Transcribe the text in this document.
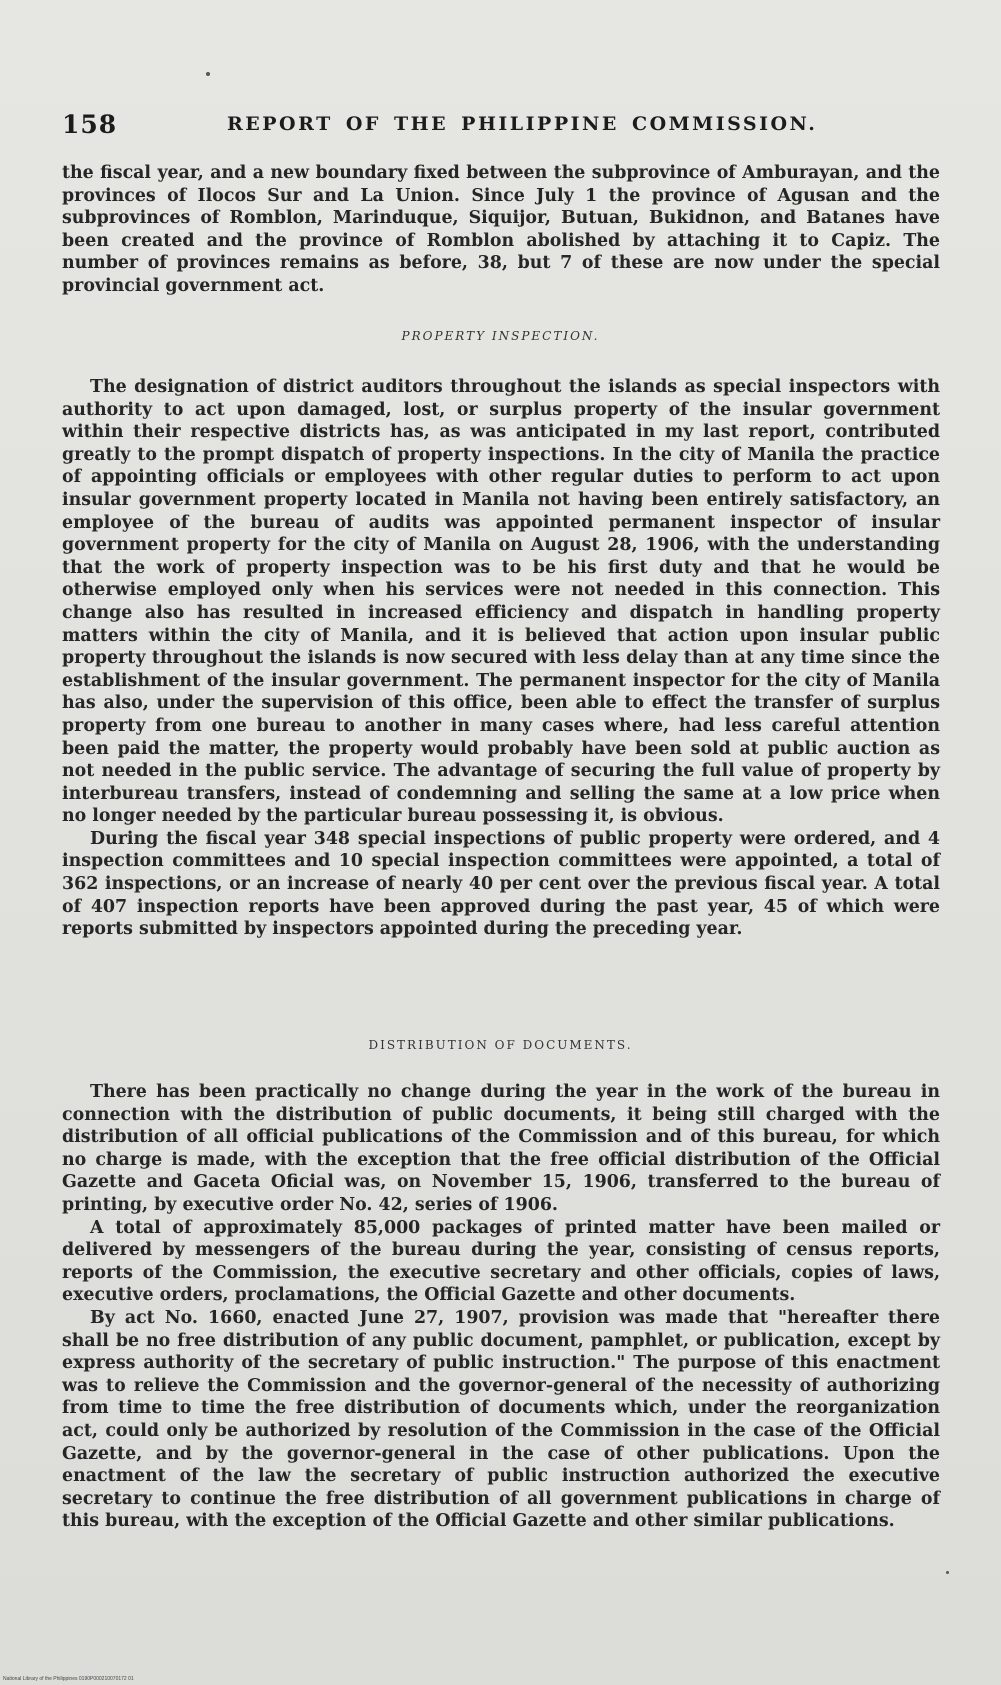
158	REPORT OF THE PHILIPPINE COMMISSION.

the fiscal year, and a new boundary fixed between the subprovince of Amburayan, and the provinces of Ilocos Sur and La Union. Since July 1 the province of Agusan and the subprovinces of Romblon, Marinduque, Siquijor, Butuan, Bukidnon, and Batanes have been created and the province of Romblon abolished by attaching it to Capiz. The number of provinces remains as before, 38, but 7 of these are now under the special provincial government act.

PROPERTY INSPECTION.

The designation of district auditors throughout the islands as special inspectors with authority to act upon damaged, lost, or surplus property of the insular government within their respective districts has, as was anticipated in my last report, contributed greatly to the prompt dispatch of property inspections. In the city of Manila the practice of appointing officials or employees with other regular duties to perform to act upon insular government property located in Manila not having been entirely satisfactory, an employee of the bureau of audits was appointed permanent inspector of insular government property for the city of Manila on August 28, 1906, with the understanding that the work of property inspection was to be his first duty and that he would be otherwise employed only when his services were not needed in this connection. This change also has resulted in increased efficiency and dispatch in handling property matters within the city of Manila, and it is believed that action upon insular public property throughout the islands is now secured with less delay than at any time since the establishment of the insular government. The permanent inspector for the city of Manila has also, under the supervision of this office, been able to effect the transfer of surplus property from one bureau to another in many cases where, had less careful attention been paid the matter, the property would probably have been sold at public auction as not needed in the public service. The advantage of securing the full value of property by interbureau transfers, instead of condemning and selling the same at a low price when no longer needed by the particular bureau possessing it, is obvious.

During the fiscal year 348 special inspections of public property were ordered, and 4 inspection committees and 10 special inspection committees were appointed, a total of 362 inspections, or an increase of nearly 40 per cent over the previous fiscal year. A total of 407 inspection reports have been approved during the past year, 45 of which were reports submitted by inspectors appointed during the preceding year.

DISTRIBUTION OF DOCUMENTS.

There has been practically no change during the year in the work of the bureau in connection with the distribution of public documents, it being still charged with the distribution of all official publications of the Commission and of this bureau, for which no charge is made, with the exception that the free official distribution of the Official Gazette and Gaceta Oficial was, on November 15, 1906, transferred to the bureau of printing, by executive order No. 42, series of 1906.

A total of approximately 85,000 packages of printed matter have been mailed or delivered by messengers of the bureau during the year, consisting of census reports, reports of the Commission, the executive secretary and other officials, copies of laws, executive orders, proclamations, the Official Gazette and other documents.

By act No. 1660, enacted June 27, 1907, provision was made that "hereafter there shall be no free distribution of any public document, pamphlet, or publication, except by express authority of the secretary of public instruction." The purpose of this enactment was to relieve the Commission and the governor-general of the necessity of authorizing from time to time the free distribution of documents which, under the reorganization act, could only be authorized by resolution of the Commission in the case of the Official Gazette, and by the governor-general in the case of other publications. Upon the enactment of the law the secretary of public instruction authorized the executive secretary to continue the free distribution of all government publications in charge of this bureau, with the exception of the Official Gazette and other similar publications.

National Library of the Philippines 0190P000210070172 01
